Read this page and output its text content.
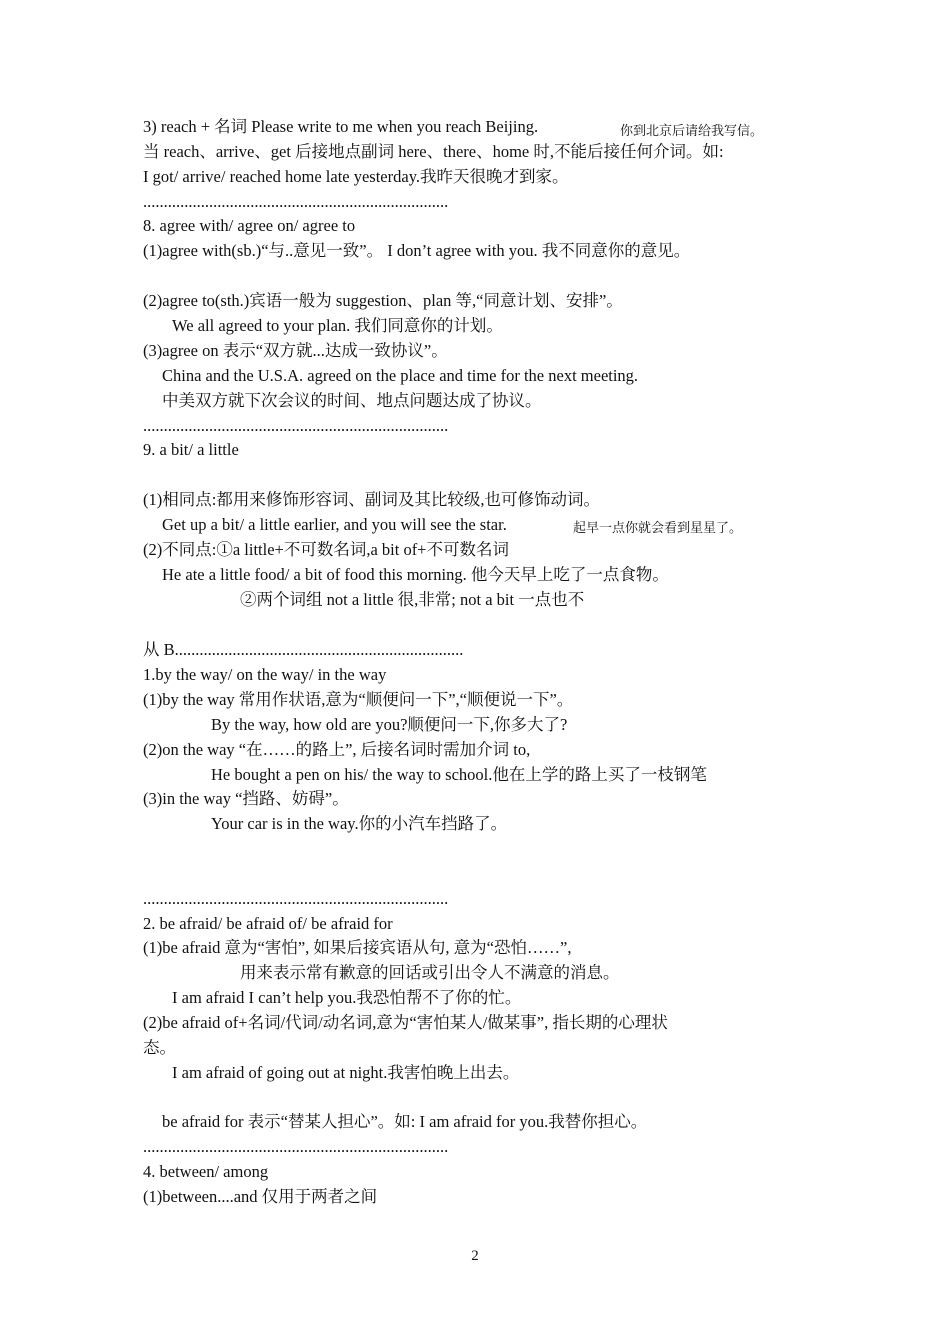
3) reach + 名词 Please write to me when you reach Beijing.	你到北京后请给我写信。
当 reach、arrive、get 后接地点副词 here、there、home 时,不能后接任何介词。如:
I got/ arrive/ reached home late yesterday.我昨天很晚才到家。
..........................................................................
8. agree with/ agree on/ agree to
(1)agree with(sb.)“与..意见一致”。 I don’t agree with you. 我不同意你的意见。
(2)agree to(sth.)宾语一般为 suggestion、plan 等,“同意计划、安排”。
We all agreed to your plan. 我们同意你的计划。
(3)agree on 表示“双方就...达成一致协议”。
China and the U.S.A. agreed on the place and time for the next meeting.
中美双方就下次会议的时间、地点问题达成了协议。
..........................................................................
9. a bit/ a little
(1)相同点:都用来修饰形容词、副词及其比较级,也可修饰动词。
Get up a bit/ a little earlier, and you will see the star.	起早一点你就会看到星星了。
(2)不同点:①a little+不可数名词,a bit of+不可数名词
He ate a little food/ a bit of food this morning. 他今天早上吃了一点食物。
②两个词组 not a little 很,非常; not a bit 一点也不
从 B......................................................................
1.by the way/ on the way/ in the way
(1)by the way 常用作状语,意为“顺便问一下”,“顺便说一下”。
By the way, how old are you?顺便问一下,你多大了?
(2)on the way “在……的路上”, 后接名词时需加介词 to,
He bought a pen on his/ the way to school.他在上学的路上买了一枝钢笔
(3)in the way “挡路、妨碍”。
Your car is in the way.你的小汽车挡路了。
..........................................................................
2. be afraid/ be afraid of/ be afraid for
(1)be afraid 意为“害怕”, 如果后接宾语从句, 意为“恐怕……”,
用来表示常有歉意的回话或引出令人不满意的消息。
I am afraid I can’t help you.我恐怕帮不了你的忙。
(2)be afraid of+名词/代词/动名词,意为“害怕某人/做某事”, 指长期的心理状
态。
I am afraid of going out at night.我害怕晚上出去。
be afraid for 表示“替某人担心”。如: I am afraid for you.我替你担心。
..........................................................................
4. between/ among
(1)between....and 仅用于两者之间
2
